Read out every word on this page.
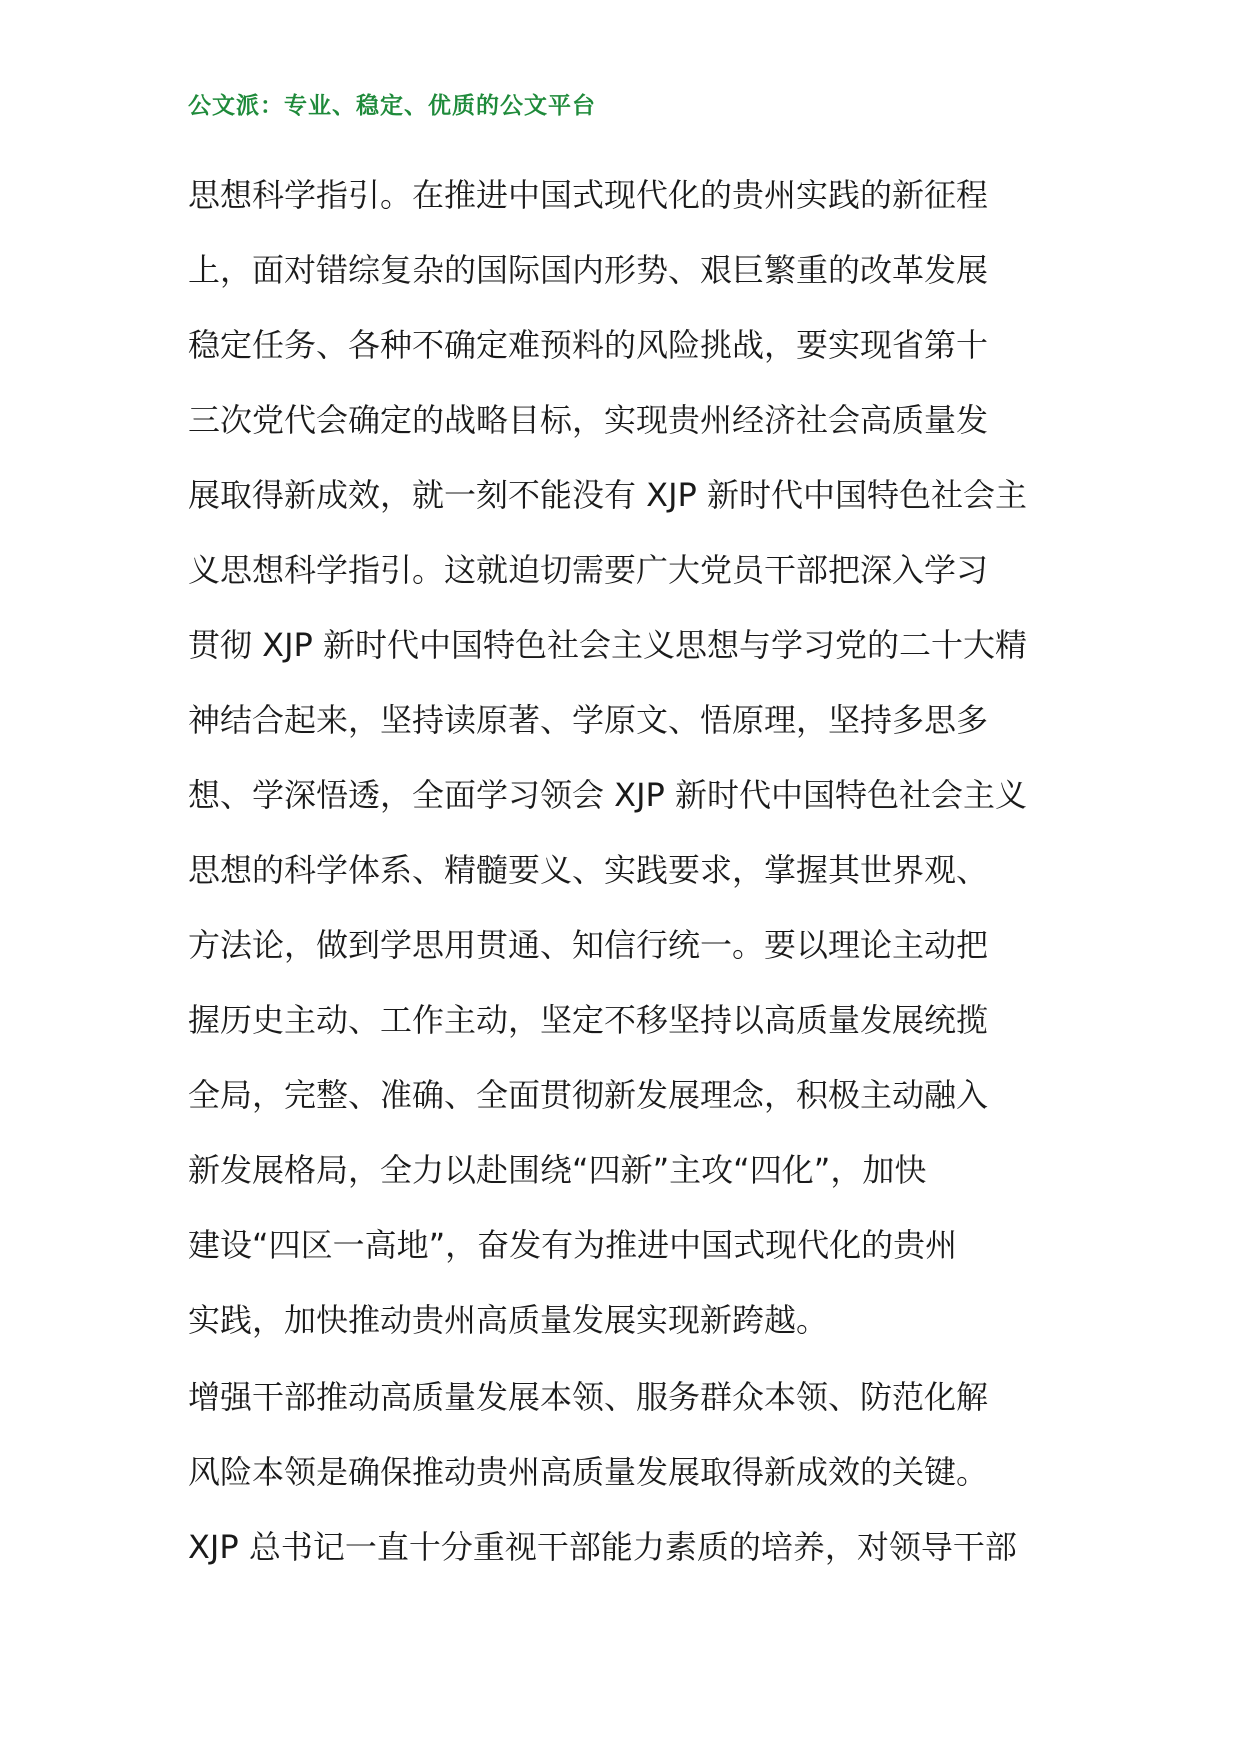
公文派：专业、稳定、优质的公文平台
思想科学指引。在推进中国式现代化的贵州实践的新征程
上，面对错综复杂的国际国内形势、艰巨繁重的改革发展
稳定任务、各种不确定难预料的风险挑战，要实现省第十
三次党代会确定的战略目标，实现贵州经济社会高质量发
展取得新成效，就一刻不能没有 XJP 新时代中国特色社会主
义思想科学指引。这就迫切需要广大党员干部把深入学习
贯彻 XJP 新时代中国特色社会主义思想与学习党的二十大精
神结合起来，坚持读原著、学原文、悟原理，坚持多思多
想、学深悟透，全面学习领会 XJP 新时代中国特色社会主义
思想的科学体系、精髓要义、实践要求，掌握其世界观、
方法论，做到学思用贯通、知信行统一。要以理论主动把
握历史主动、工作主动，坚定不移坚持以高质量发展统揽
全局，完整、准确、全面贯彻新发展理念，积极主动融入
新发展格局，全力以赴围绕“四新”主攻“四化”，加快
建设“四区一高地”，奋发有为推进中国式现代化的贵州
实践，加快推动贵州高质量发展实现新跨越。
增强干部推动高质量发展本领、服务群众本领、防范化解
风险本领是确保推动贵州高质量发展取得新成效的关键。
XJP 总书记一直十分重视干部能力素质的培养，对领导干部
